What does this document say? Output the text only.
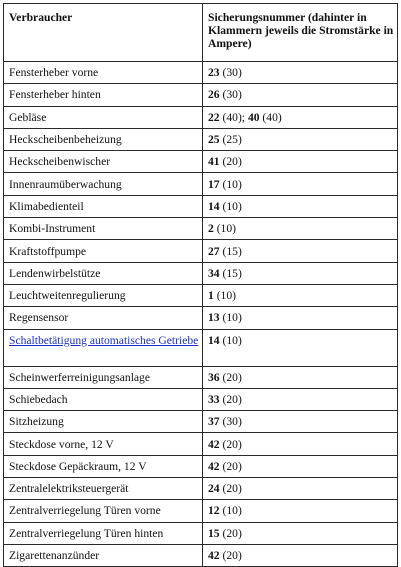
Verbraucher	Sicherungsnummer (dahinter in Klammern jeweils die Stromstärke in Ampere)
Fensterheber vorne	23 (30)
Fensterheber hinten	26 (30)
Gebläse	22 (40); 40 (40)
Heckscheibenbeheizung	25 (25)
Heckscheibenwischer	41 (20)
Innenraumüberwachung	17 (10)
Klimabedienteil	14 (10)
Kombi-Instrument	2 (10)
Kraftstoffpumpe	27 (15)
Lendenwirbelstütze	34 (15)
Leuchtweitenregulierung	1 (10)
Regensensor	13 (10)
Schaltbetätigung automatisches Getriebe	14 (10)
Scheinwerferreinigungsanlage	36 (20)
Schiebedach	33 (20)
Sitzheizung	37 (30)
Steckdose vorne, 12 V	42 (20)
Steckdose Gepäckraum, 12 V	42 (20)
Zentralelektriksteuergerät	24 (20)
Zentralverriegelung Türen vorne	12 (10)
Zentralverriegelung Türen hinten	15 (20)
Zigarettenanzünder	42 (20)
